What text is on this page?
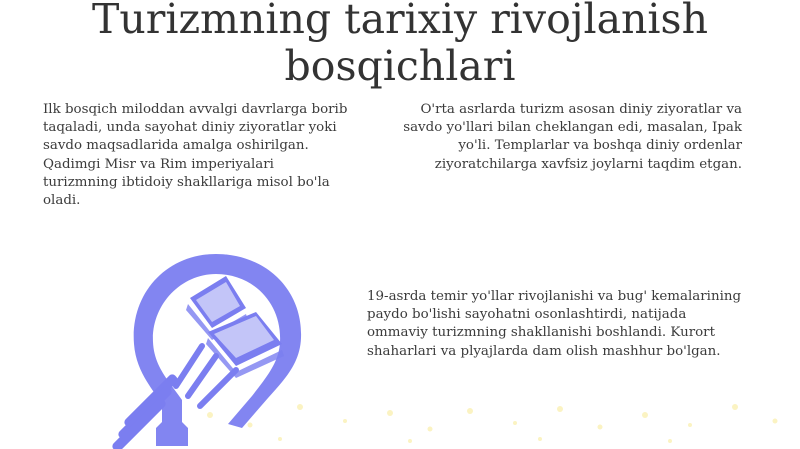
Turizmning tarixiy rivojlanish bosqichlari

Ilk bosqich miloddan avvalgi davrlarga borib taqaladi, unda sayohat diniy ziyoratlar yoki savdo maqsadlarida amalga oshirilgan. Qadimgi Misr va Rim imperiyalari turizmning ibtidoiy shakllariga misol bo'la oladi.

O'rta asrlarda turizm asosan diniy ziyoratlar va savdo yo'llari bilan cheklangan edi, masalan, Ipak yo'li. Templarlar va boshqa diniy ordenlar ziyoratchilarga xavfsiz joylarni taqdim etgan.

19-asrda temir yo'llar rivojlanishi va bug' kemalarining paydo bo'lishi sayohatni osonlashtirdi, natijada ommaviy turizmning shakllanishi boshlandi. Kurort shaharlari va plyajlarda dam olish mashhur bo'lgan.
